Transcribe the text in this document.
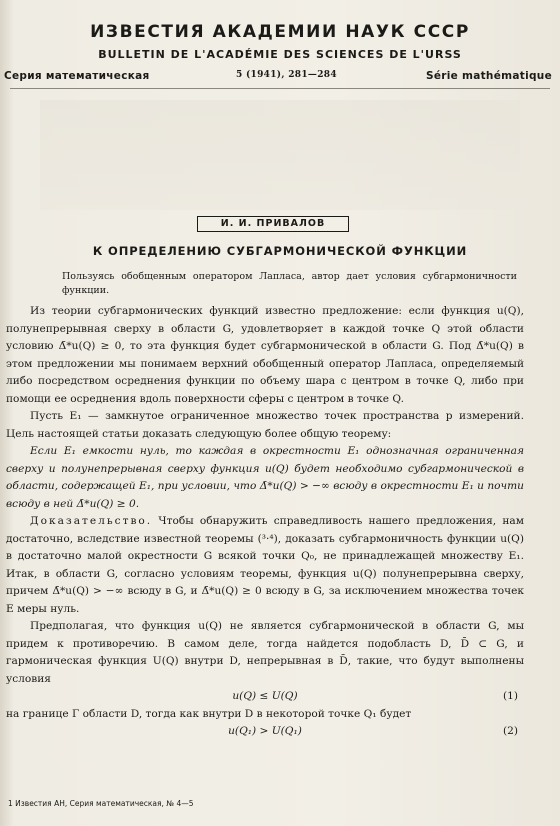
ИЗВЕСТИЯ АКАДЕМИИ НАУК СССР
BULLETIN DE L'ACADÉMIE DES SCIENCES DE L'URSS
Серия математическая	5 (1941), 281—284	Série mathématique
И. И. ПРИВАЛОВ
К ОПРЕДЕЛЕНИЮ СУБГАРМОНИЧЕСКОЙ ФУНКЦИИ
Пользуясь обобщенным оператором Лапласа, автор дает условия субгармоничности функции.

Из теории субгармонических функций известно предложение: если функция u(Q), полунепрерывная сверху в области G, удовлетворяет в каждой точке Q этой области условию Δ̄*u(Q) ≥ 0, то эта функция будет субгармонической в области G. Под Δ̄*u(Q) в этом предложении мы понимаем верхний обобщенный оператор Лапласа, определяемый либо посредством осреднения функции по объему шара с центром в точке Q, либо при помощи ее осреднения вдоль поверхности сферы с центром в точке Q.

Пусть E₁ — замкнутое ограниченное множество точек пространства p измерений. Цель настоящей статьи доказать следующую более общую теорему:

Если E₁ емкости нуль, то каждая в окрестности E₁ однозначная ограниченная сверху и полунепрерывная сверху функция u(Q) будет необходимо субгармонической в области, содержащей E₁, при условии, что Δ̄*u(Q) > −∞ всюду в окрестности E₁ и почти всюду в ней Δ̄*u(Q) ≥ 0.

Доказательство. Чтобы обнаружить справедливость нашего предложения, нам достаточно, вследствие известной теоремы (³·⁴), доказать субгармоничность функции u(Q) в достаточно малой окрестности G всякой точки Q₀, не принадлежащей множеству E₁. Итак, в области G, согласно условиям теоремы, функция u(Q) полунепрерывна сверху, причем Δ̄*u(Q) > −∞ всюду в G, и Δ̄*u(Q) ≥ 0 всюду в G, за исключением множества точек E меры нуль.

Предполагая, что функция u(Q) не является субгармонической в области G, мы придем к противоречию. В самом деле, тогда найдется подобласть D, D̄ ⊂ G, и гармоническая функция U(Q) внутри D, непрерывная в D̄, такие, что будут выполнены условия

u(Q) ≤ U(Q)	(1)

на границе Γ области D, тогда как внутри D в некоторой точке Q₁ будет

u(Q₁) > U(Q₁)	(2)
1 Известия АН, Серия математическая, № 4—5
